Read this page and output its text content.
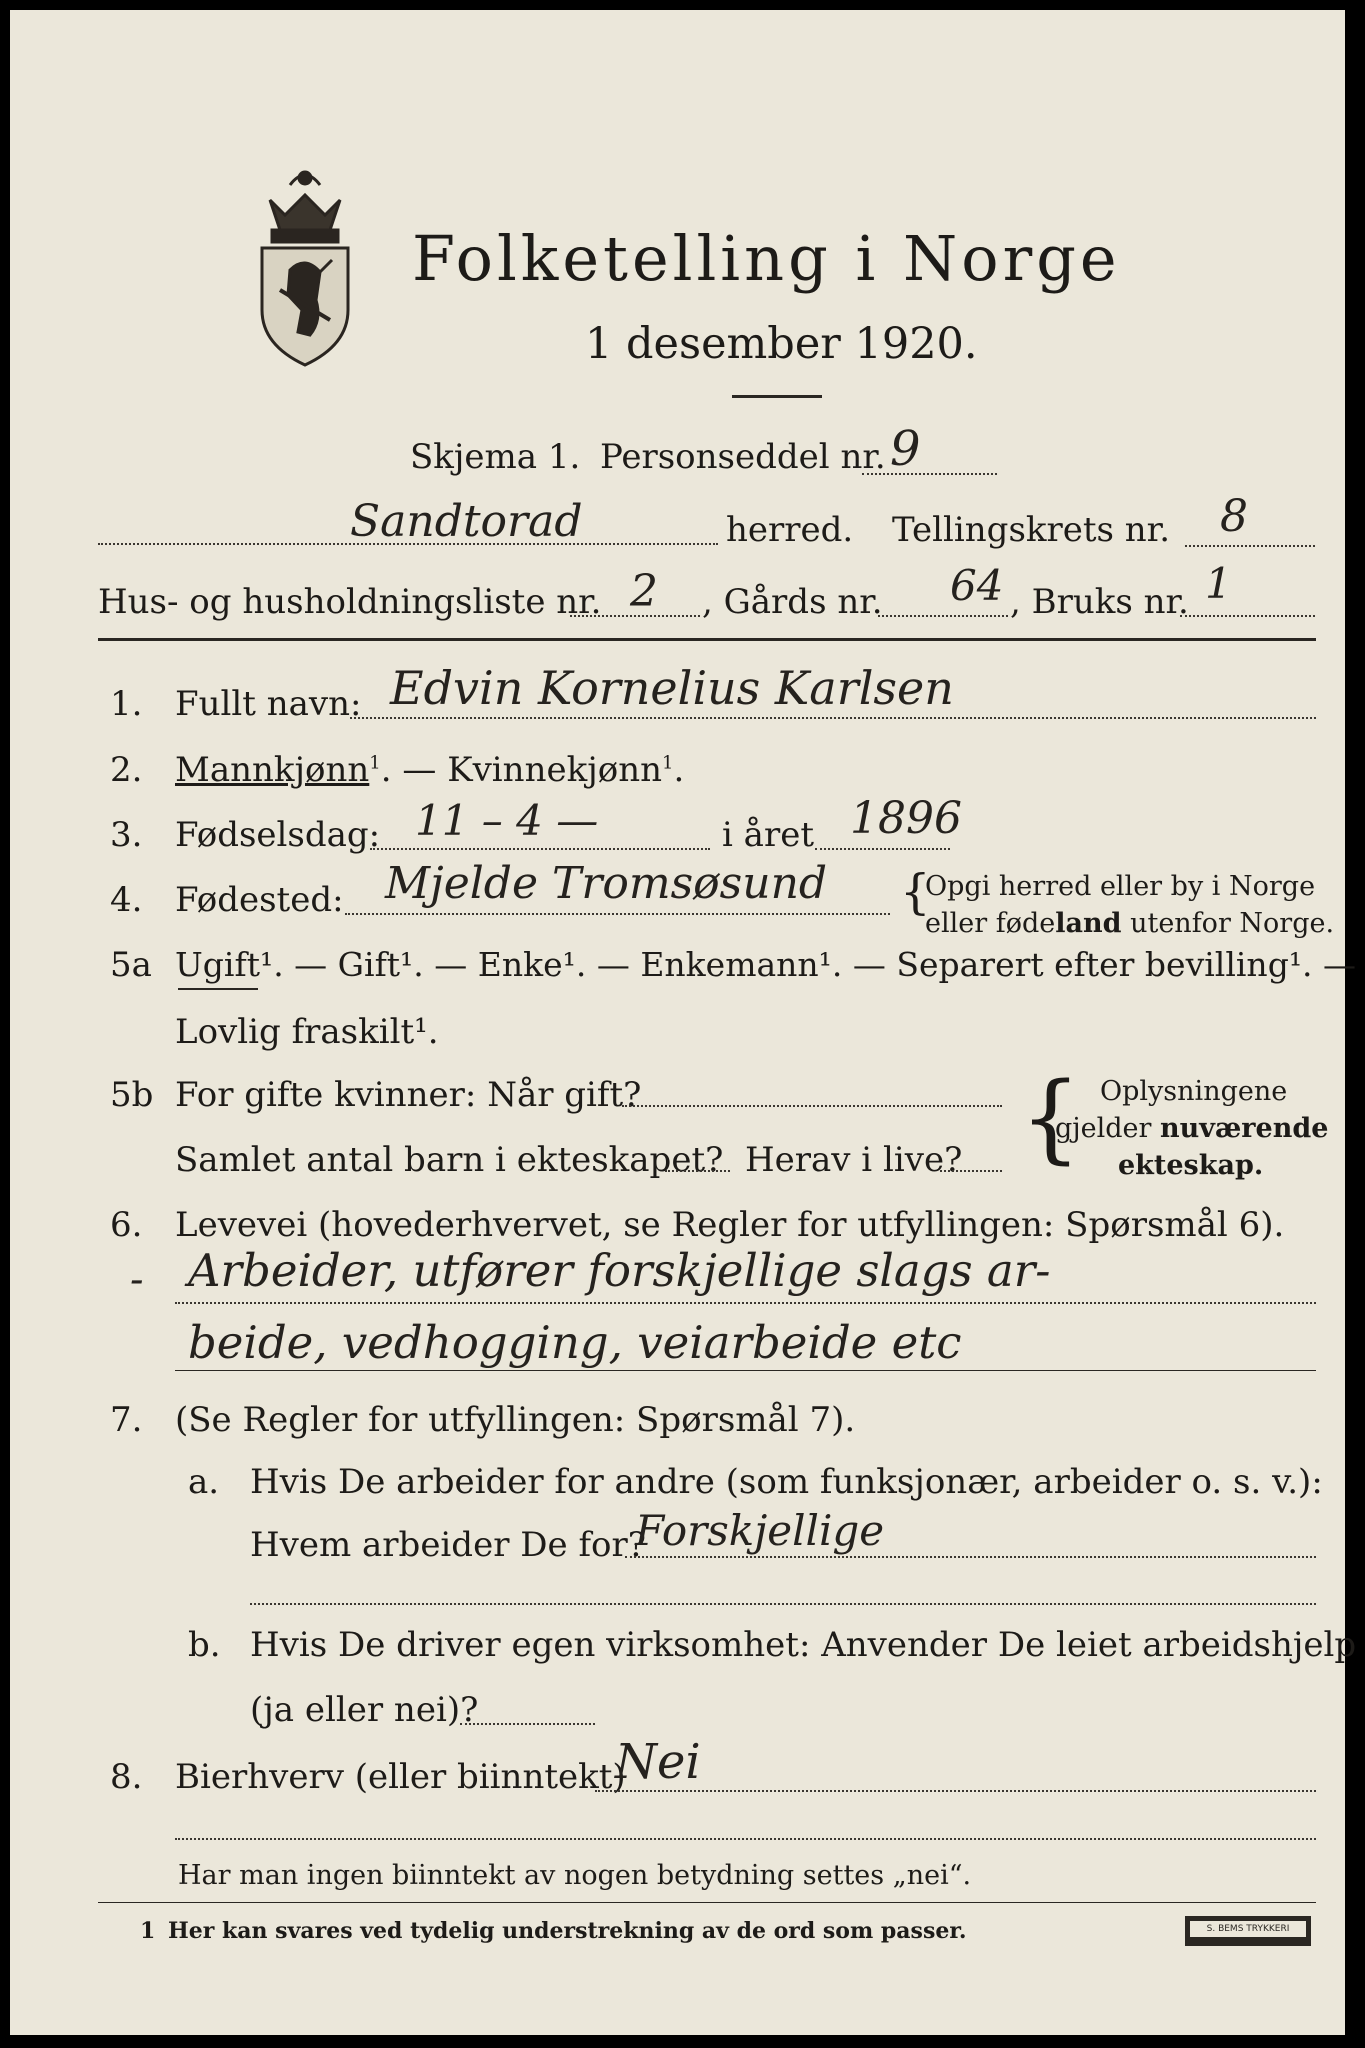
Folketelling i Norge
1 desember 1920.
Skjema 1. Personseddel nr. 9
Sandtorad	herred. Tellingskrets nr. 8
Hus- og husholdningsliste nr. 2 , Gårds nr. 64 , Bruks nr. 1
1. Fullt navn: Edvin Kornelius Karlsen
2. Mannkjønn$^1$. — Kvinnekjønn$^1$.
3. Fødselsdag: 11 – 4 —	i året 1896
4. Fødested: Mjelde Tromsøsund {
Opgi herred eller by i Norge
eller fødeland utenfor Norge.
5a Ugift¹. — Gift¹. — Enke¹. — Enkemann¹. — Separert efter bevilling¹. —
Lovlig fraskilt¹.
5b For gifte kvinner: Når gift?
Samlet antal barn i ekteskapet? Herav i live? { Oplysningene
gjelder nuværende
ekteskap.
6. Levevei (hovederhvervet, se Regler for utfyllingen: Spørsmål 6).
- Arbeider, utfører forskjellige slags ar-
beide, vedhogging, veiarbeide etc
7. (Se Regler for utfyllingen: Spørsmål 7).
a. Hvis De arbeider for andre (som funksjonær, arbeider o. s. v.):
Hvem arbeider De for?
Forskjellige
b. Hvis De driver egen virksomhet: Anvender De leiet arbeidshjelp
(ja eller nei)?
8. Bierhverv (eller biinntekt)
Nei
Har man ingen biinntekt av nogen betydning settes „nei“.
1 Her kan svares ved tydelig understrekning av de ord som passer.	S. BEMS TRYKKERI
